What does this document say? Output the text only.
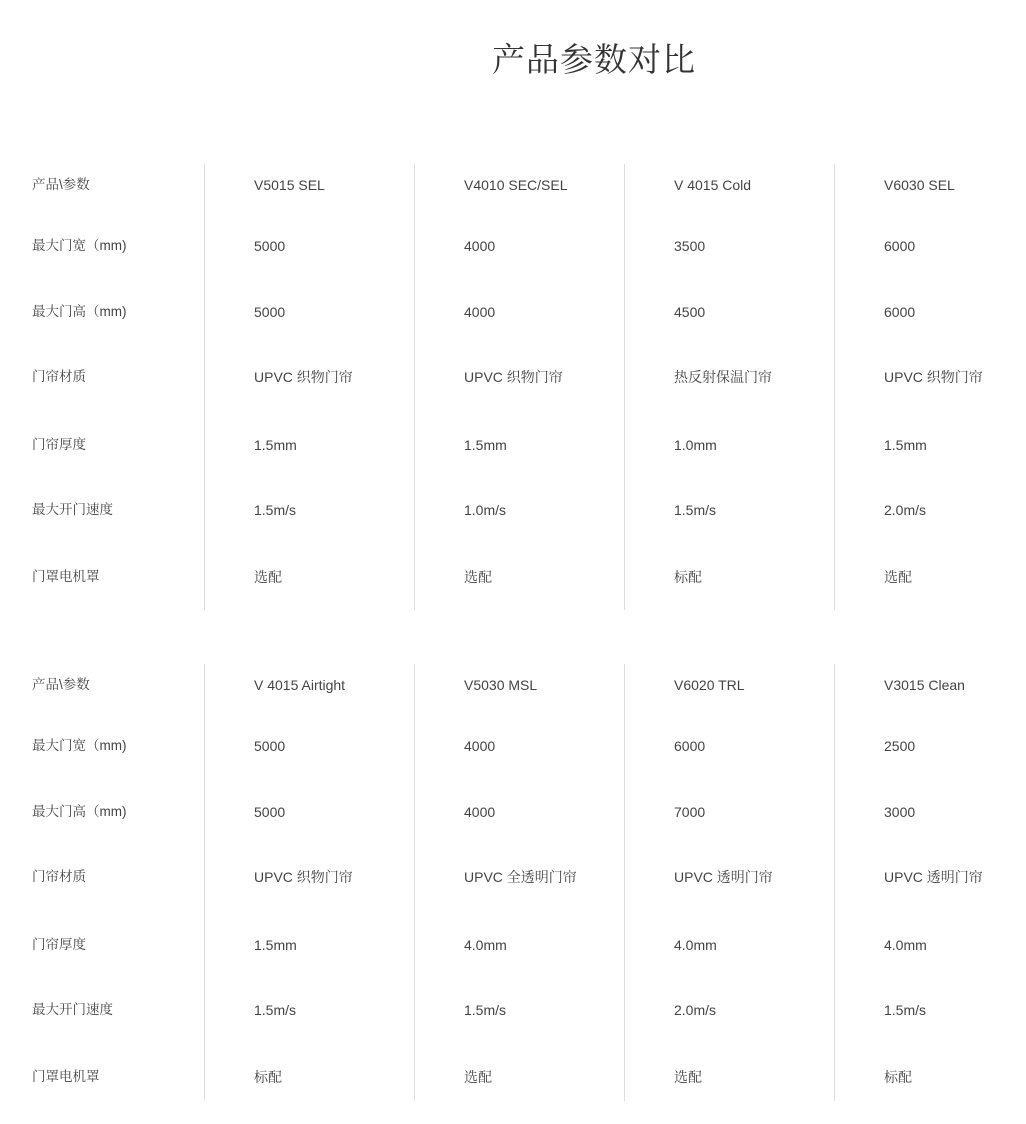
产品参数对比
产品\参数
最大门宽（mm)
最大门高（mm)
门帘材质
门帘厚度
最大开门速度
门罩电机罩
V5015 SEL
5000
5000
UPVC 织物门帘
1.5mm
1.5m/s
选配
V4010 SEC/SEL
4000
4000
UPVC 织物门帘
1.5mm
1.0m/s
选配
V 4015 Cold
3500
4500
热反射保温门帘
1.0mm
1.5m/s
标配
V6030 SEL
6000
6000
UPVC 织物门帘
1.5mm
2.0m/s
选配
产品\参数
最大门宽（mm)
最大门高（mm)
门帘材质
门帘厚度
最大开门速度
门罩电机罩
V 4015 Airtight
5000
5000
UPVC 织物门帘
1.5mm
1.5m/s
标配
V5030 MSL
4000
4000
UPVC 全透明门帘
4.0mm
1.5m/s
选配
V6020 TRL
6000
7000
UPVC 透明门帘
4.0mm
2.0m/s
选配
V3015 Clean
2500
3000
UPVC 透明门帘
4.0mm
1.5m/s
标配
